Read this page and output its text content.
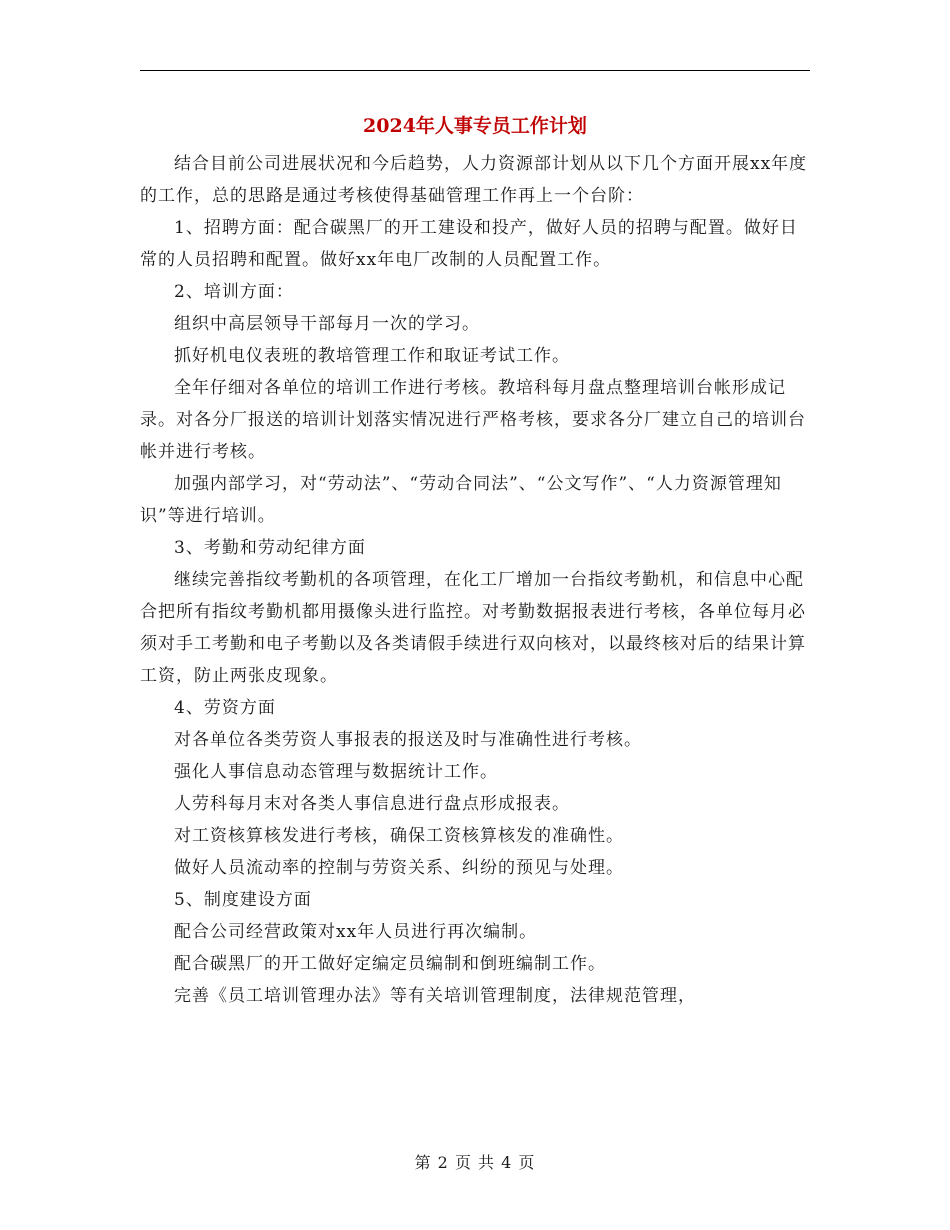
2024年人事专员工作计划

结合目前公司进展状况和今后趋势，人力资源部计划从以下几个方面开展xx年度的工作，总的思路是通过考核使得基础管理工作再上一个台阶：

1、招聘方面：配合碳黑厂的开工建设和投产，做好人员的招聘与配置。做好日常的人员招聘和配置。做好xx年电厂改制的人员配置工作。

2、培训方面：

组织中高层领导干部每月一次的学习。

抓好机电仪表班的教培管理工作和取证考试工作。

全年仔细对各单位的培训工作进行考核。教培科每月盘点整理培训台帐形成记录。对各分厂报送的培训计划落实情况进行严格考核，要求各分厂建立自己的培训台帐并进行考核。

加强内部学习，对“劳动法”、“劳动合同法”、“公文写作”、“人力资源管理知识”等进行培训。

3、考勤和劳动纪律方面

继续完善指纹考勤机的各项管理，在化工厂增加一台指纹考勤机，和信息中心配合把所有指纹考勤机都用摄像头进行监控。对考勤数据报表进行考核，各单位每月必须对手工考勤和电子考勤以及各类请假手续进行双向核对，以最终核对后的结果计算工资，防止两张皮现象。

4、劳资方面

对各单位各类劳资人事报表的报送及时与准确性进行考核。

强化人事信息动态管理与数据统计工作。

人劳科每月末对各类人事信息进行盘点形成报表。

对工资核算核发进行考核，确保工资核算核发的准确性。

做好人员流动率的控制与劳资关系、纠纷的预见与处理。

5、制度建设方面

配合公司经营政策对xx年人员进行再次编制。

配合碳黑厂的开工做好定编定员编制和倒班编制工作。

完善《员工培训管理办法》等有关培训管理制度，法律规范管理，

第 2 页 共 4 页
